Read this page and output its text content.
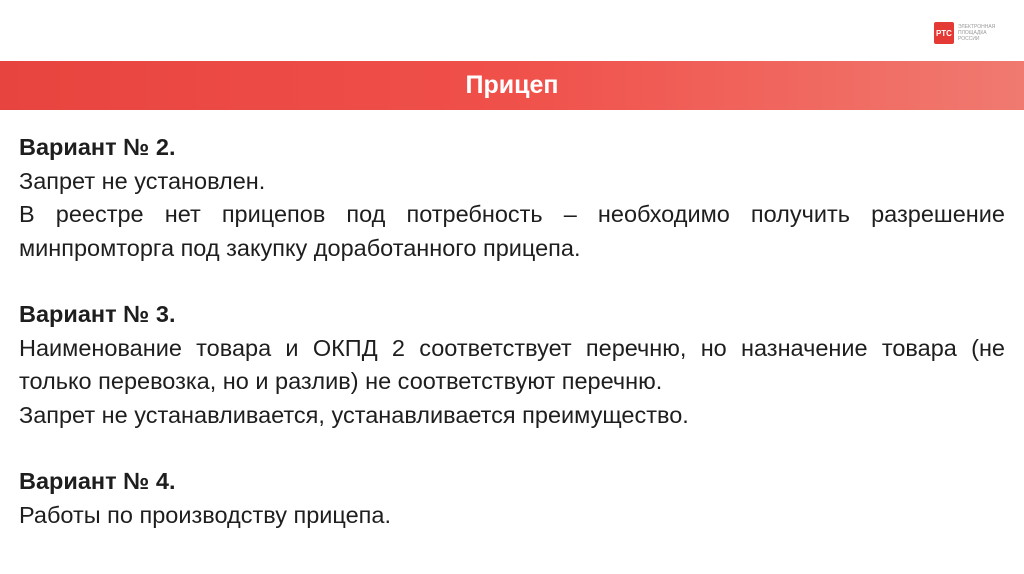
РТС
ЭЛЕКТРОННАЯ ПЛОЩАДКА РОССИИ
Прицеп
Вариант № 2.
Запрет не установлен.
В реестре нет прицепов под потребность – необходимо получить разрешение минпромторга под закупку доработанного прицепа.
Вариант № 3.
Наименование товара и ОКПД 2 соответствует перечню, но назначение товара (не только перевозка, но и разлив) не соответствуют перечню.
Запрет не устанавливается, устанавливается преимущество.
Вариант № 4.
Работы по производству прицепа.
